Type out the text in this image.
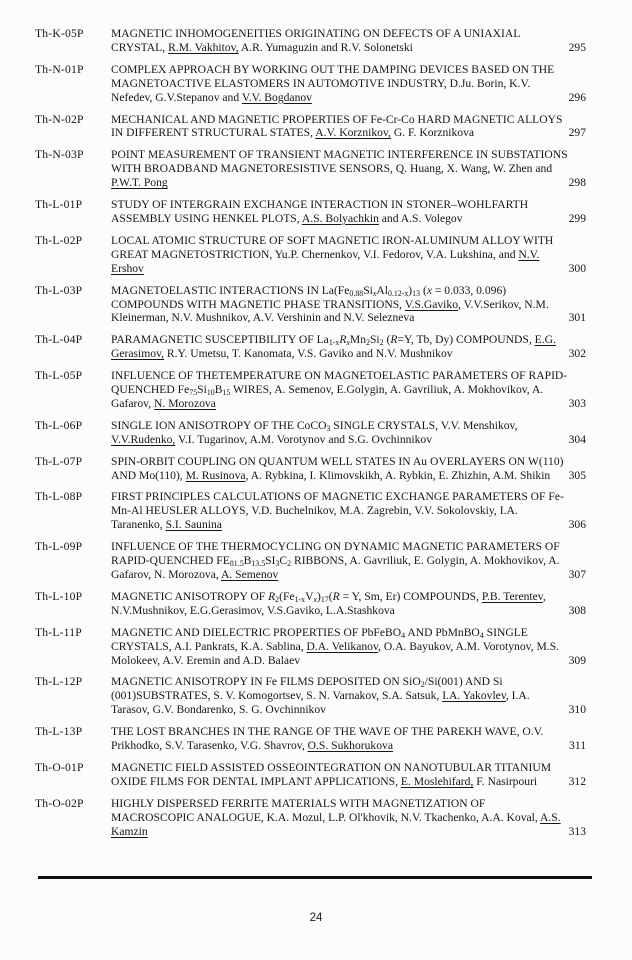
Th-K-05P	MAGNETIC INHOMOGENEITIES ORIGINATING ON DEFECTS OF A UNIAXIAL CRYSTAL, R.M. Vakhitov, A.R. Yumaguzin and R.V. Solonetski	295
Th-N-01P	COMPLEX APPROACH BY WORKING OUT THE DAMPING DEVICES BASED ON THE MAGNETOACTIVE ELASTOMERS IN AUTOMOTIVE INDUSTRY, D.Ju. Borin, K.V. Nefedev, G.V.Stepanov and V.V. Bogdanov	296
Th-N-02P	MECHANICAL AND MAGNETIC PROPERTIES OF Fe-Cr-Co HARD MAGNETIC ALLOYS IN DIFFERENT STRUCTURAL STATES, A.V. Korznikov, G. F. Korznikova	297
Th-N-03P	POINT MEASUREMENT OF TRANSIENT MAGNETIC INTERFERENCE IN SUBSTATIONS WITH BROADBAND MAGNETORESISTIVE SENSORS, Q. Huang, X. Wang, W. Zhen and P.W.T. Pong	298
Th-L-01P	STUDY OF INTERGRAIN EXCHANGE INTERACTION IN STONER–WOHLFARTH ASSEMBLY USING HENKEL PLOTS, A.S. Bolyachkin and A.S. Volegov	299
Th-L-02P	LOCAL ATOMIC STRUCTURE OF SOFT MAGNETIC IRON-ALUMINUM ALLOY WITH GREAT MAGNETOSTRICTION, Yu.P. Chernenkov, V.I. Fedorov, V.A. Lukshina, and N.V. Ershov	300
Th-L-03P	MAGNETOELASTIC INTERACTIONS IN $La(Fe_{0.88}Si_xAl_{0.12-x})_{13}$ (x = 0.033, 0.096) COMPOUNDS WITH MAGNETIC PHASE TRANSITIONS, V.S.Gaviko, V.V.Serikov, N.M. Kleinerman, N.V. Mushnikov, A.V. Vershinin and N.V. Selezneva	301
Th-L-04P	PARAMAGNETIC SUSCEPTIBILITY OF $La_{1-x}R_xMn_2Si_2$ (R=Y, Tb, Dy) COMPOUNDS, E.G. Gerasimov, R.Y. Umetsu, T. Kanomata, V.S. Gaviko and N.V. Mushnikov	302
Th-L-05P	INFLUENCE OF THETEMPERATURE ON MAGNETOELASTIC PARAMETERS OF RAPID-QUENCHED $Fe_{75}Si_{10}B_{15}$ WIRES, A. Semenov, E.Golygin, A. Gavriliuk, A. Mokhovikov, A. Gafarov, N. Morozova	303
Th-L-06P	SINGLE ION ANISOTROPY OF THE CoCO$_3$ SINGLE CRYSTALS, V.V. Menshikov, V.V.Rudenko, V.I. Tugarinov, A.M. Vorotynov and S.G. Ovchinnikov	304
Th-L-07P	SPIN-ORBIT COUPLING ON QUANTUM WELL STATES IN Au OVERLAYERS ON W(110) AND Mo(110), M. Rusinova, A. Rybkina, I. Klimovskikh, A. Rybkin, E. Zhizhin, A.M. Shikin	305
Th-L-08P	FIRST PRINCIPLES CALCULATIONS OF MAGNETIC EXCHANGE PARAMETERS OF Fe-Mn-Al HEUSLER ALLOYS, V.D. Buchelnikov, M.A. Zagrebin, V.V. Sokolovskiy, I.A. Taranenko, S.I. Saunina	306
Th-L-09P	INFLUENCE OF THE THERMOCYCLING ON DYNAMIC MAGNETIC PARAMETERS OF RAPID-QUENCHED $FE_{81.5}B_{13.5}SI_3C_2$ RIBBONS, A. Gavriliuk, E. Golygin, A. Mokhovikov, A. Gafarov, N. Morozova, A. Semenov	307
Th-L-10P	MAGNETIC ANISOTROPY OF $R_2(Fe_{1-x}V_x)_{17}(R = Y$, Sm, Er) COMPOUNDS, P.B. Terentev, N.V.Mushnikov, E.G.Gerasimov, V.S.Gaviko, L.A.Stashkova	308
Th-L-11P	MAGNETIC AND DIELECTRIC PROPERTIES OF PbFeBO$_4$ AND PbMnBO$_4$ SINGLE CRYSTALS, A.I. Pankrats, K.A. Sablina, D.A. Velikanov, O.A. Bayukov, A.M. Vorotynov, M.S. Molokeev, A.V. Eremin and A.D. Balaev	309
Th-L-12P	MAGNETIC ANISOTROPY IN Fe FILMS DEPOSITED ON SiO$_2$/Si(001) AND Si (001)SUBSTRATES, S. V. Komogortsev, S. N. Varnakov, S.A. Satsuk, I.A. Yakovlev, I.A. Tarasov, G.V. Bondarenko, S. G. Ovchinnikov	310
Th-L-13P	THE LOST BRANCHES IN THE RANGE OF THE WAVE OF THE PAREKH WAVE, O.V. Prikhodko, S.V. Tarasenko, V.G. Shavrov, O.S. Sukhorukova	311
Th-O-01P	MAGNETIC FIELD ASSISTED OSSEOINTEGRATION ON NANOTUBULAR TITANIUM OXIDE FILMS FOR DENTAL IMPLANT APPLICATIONS, E. Moslehifard, F. Nasirpouri	312
Th-O-02P	HIGHLY DISPERSED FERRITE MATERIALS WITH MAGNETIZATION OF MACROSCOPIC ANALOGUE, K.A. Mozul, L.P. Ol'khovik, N.V. Tkachenko, A.A. Koval, A.S. Kamzin	313
24
